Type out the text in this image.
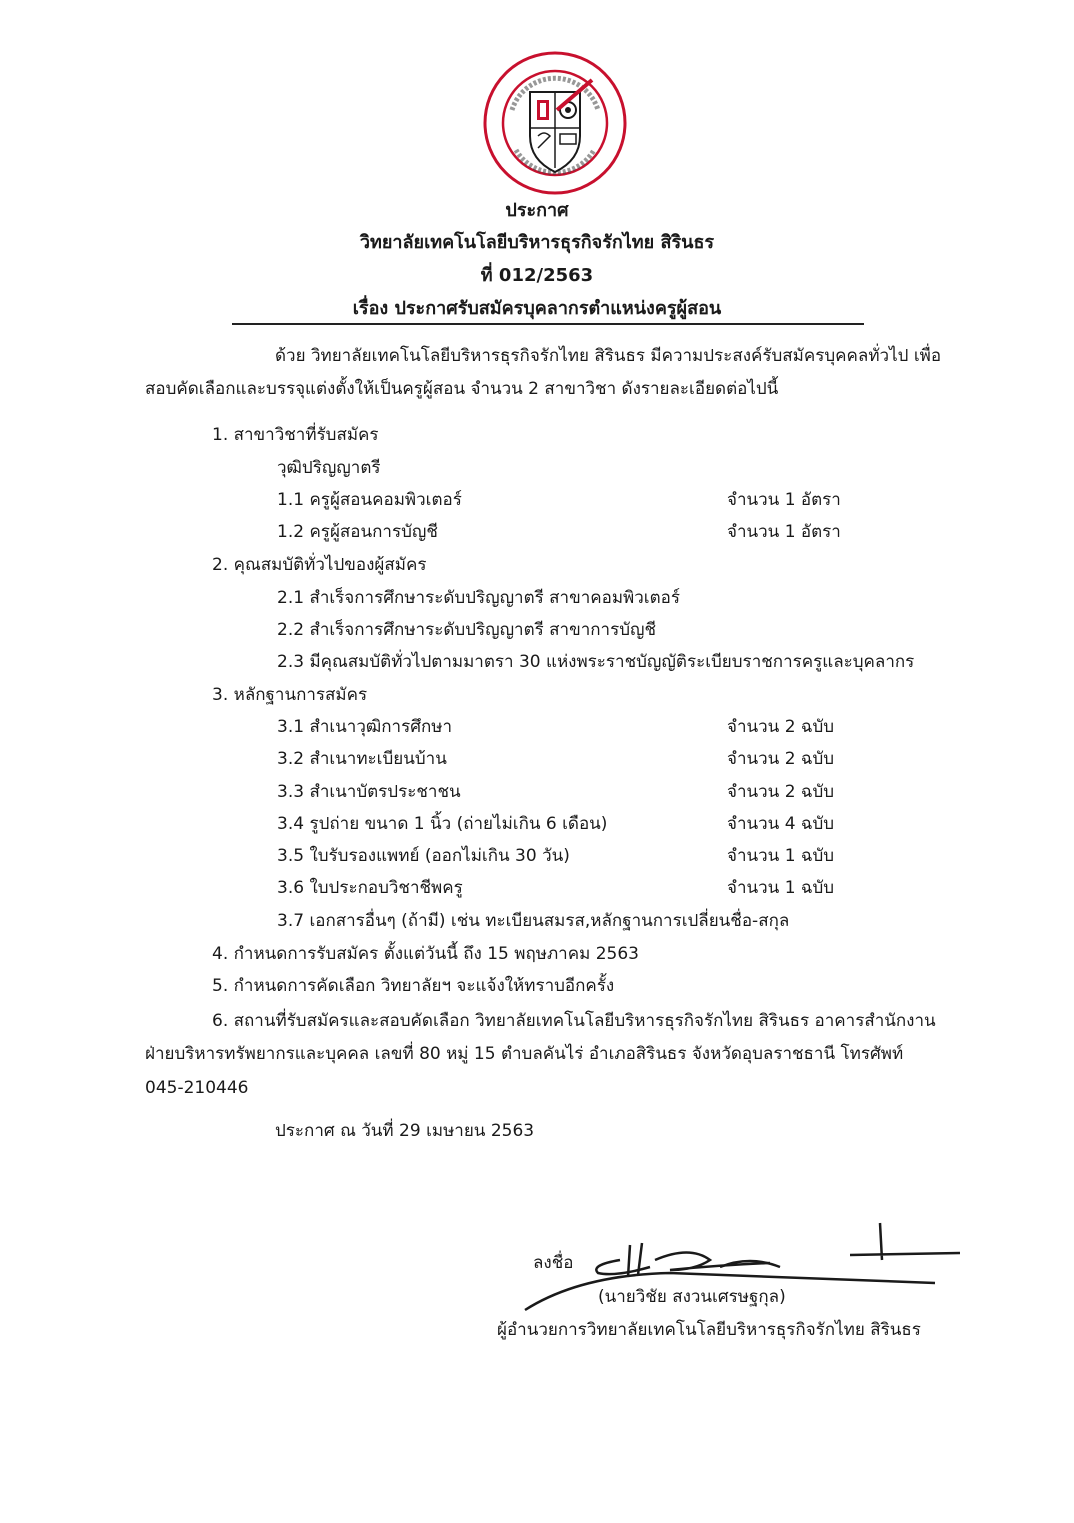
ประกาศ
วิทยาลัยเทคโนโลยีบริหารธุรกิจรักไทย สิรินธร
ที่ 012/2563
เรื่อง ประกาศรับสมัครบุคลากรตำแหน่งครูผู้สอน
ด้วย วิทยาลัยเทคโนโลยีบริหารธุรกิจรักไทย สิรินธร มีความประสงค์รับสมัครบุคคลทั่วไป เพื่อ
สอบคัดเลือกและบรรจุแต่งตั้งให้เป็นครูผู้สอน จำนวน 2 สาขาวิชา ดังรายละเอียดต่อไปนี้
1. สาขาวิชาที่รับสมัคร
วุฒิปริญญาตรี
1.1 ครูผู้สอนคอมพิวเตอร์	จำนวน 1 อัตรา
1.2 ครูผู้สอนการบัญชี	จำนวน 1 อัตรา
2. คุณสมบัติทั่วไปของผู้สมัคร
2.1 สำเร็จการศึกษาระดับปริญญาตรี สาขาคอมพิวเตอร์
2.2 สำเร็จการศึกษาระดับปริญญาตรี สาขาการบัญชี
2.3 มีคุณสมบัติทั่วไปตามมาตรา 30 แห่งพระราชบัญญัติระเบียบราชการครูและบุคลากร
3. หลักฐานการสมัคร
3.1 สำเนาวุฒิการศึกษา	จำนวน 2 ฉบับ
3.2 สำเนาทะเบียนบ้าน	จำนวน 2 ฉบับ
3.3 สำเนาบัตรประชาชน	จำนวน 2 ฉบับ
3.4 รูปถ่าย ขนาด 1 นิ้ว (ถ่ายไม่เกิน 6 เดือน)	จำนวน 4 ฉบับ
3.5 ใบรับรองแพทย์ (ออกไม่เกิน 30 วัน)	จำนวน 1 ฉบับ
3.6 ใบประกอบวิชาชีพครู	จำนวน 1 ฉบับ
3.7 เอกสารอื่นๆ (ถ้ามี) เช่น ทะเบียนสมรส,หลักฐานการเปลี่ยนชื่อ-สกุล
4. กำหนดการรับสมัคร ตั้งแต่วันนี้ ถึง 15 พฤษภาคม 2563
5. กำหนดการคัดเลือก วิทยาลัยฯ จะแจ้งให้ทราบอีกครั้ง
6. สถานที่รับสมัครและสอบคัดเลือก วิทยาลัยเทคโนโลยีบริหารธุรกิจรักไทย สิรินธร อาคารสำนักงาน
ฝ่ายบริหารทรัพยากรและบุคคล เลขที่ 80 หมู่ 15 ตำบลคันไร่ อำเภอสิรินธร จังหวัดอุบลราชธานี โทรศัพท์
045-210446
ประกาศ ณ วันที่ 29 เมษายน 2563
ลงชื่อ
(นายวิชัย สงวนเศรษฐกุล)
ผู้อำนวยการวิทยาลัยเทคโนโลยีบริหารธุรกิจรักไทย สิรินธร
